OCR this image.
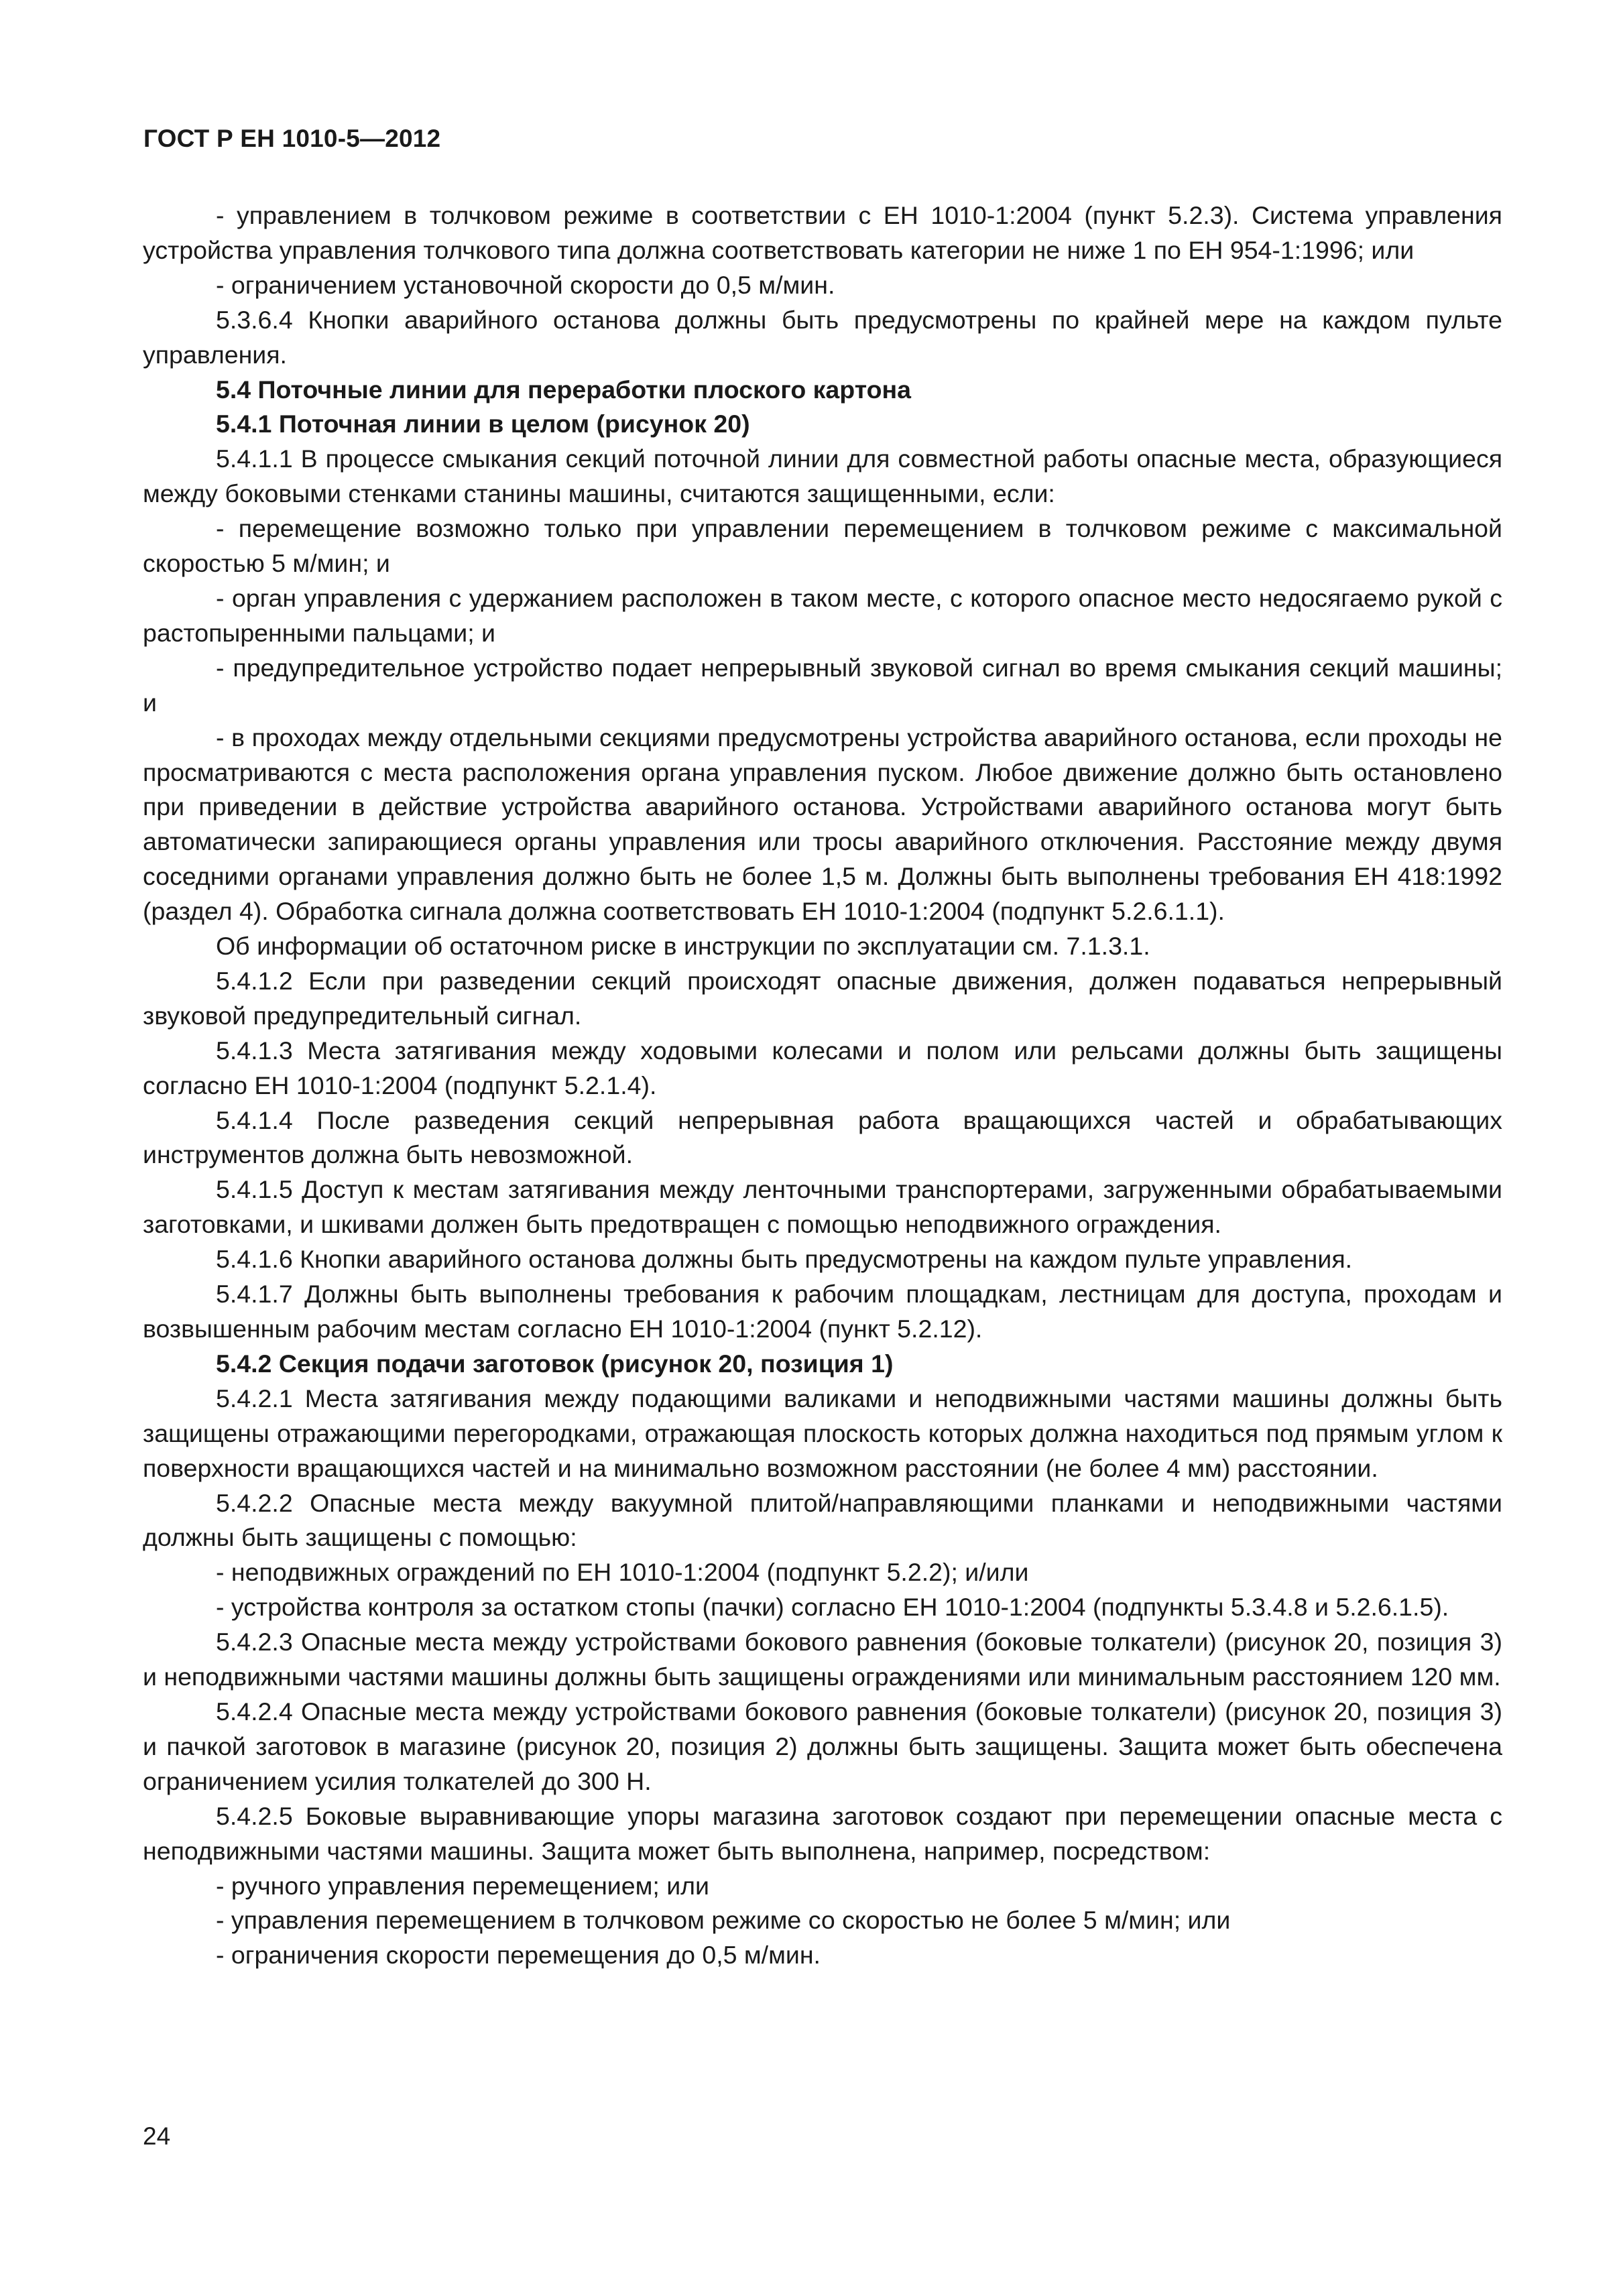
ГОСТ Р ЕН 1010-5—2012

- управлением в толчковом режиме в соответствии с ЕН 1010-1:2004 (пункт 5.2.3). Система управления устройства управления толчкового типа должна соответствовать категории не ниже 1 по ЕН 954-1:1996; или

- ограничением установочной скорости до 0,5 м/мин.

5.3.6.4 Кнопки аварийного останова должны быть предусмотрены по крайней мере на каждом пульте управления.

5.4 Поточные линии для переработки плоского картона

5.4.1 Поточная линии в целом (рисунок 20)

5.4.1.1 В процессе смыкания секций поточной линии для совместной работы опасные места, образующиеся между боковыми стенками станины машины, считаются защищенными, если:

- перемещение возможно только при управлении перемещением в толчковом режиме с максимальной скоростью 5 м/мин; и

- орган управления с удержанием расположен в таком месте, с которого опасное место недосягаемо рукой с растопыренными пальцами; и

- предупредительное устройство подает непрерывный звуковой сигнал во время смыкания секций машины; и

- в проходах между отдельными секциями предусмотрены устройства аварийного останова, если проходы не просматриваются с места расположения органа управления пуском. Любое движение должно быть остановлено при приведении в действие устройства аварийного останова. Устройствами аварийного останова могут быть автоматически запирающиеся органы управления или тросы аварийного отключения. Расстояние между двумя соседними органами управления должно быть не более 1,5 м. Должны быть выполнены требования ЕН 418:1992 (раздел 4). Обработка сигнала должна соответствовать ЕН 1010-1:2004 (подпункт 5.2.6.1.1).

Об информации об остаточном риске в инструкции по эксплуатации см. 7.1.3.1.

5.4.1.2 Если при разведении секций происходят опасные движения, должен подаваться непрерывный звуковой предупредительный сигнал.

5.4.1.3 Места затягивания между ходовыми колесами и полом или рельсами должны быть защищены согласно ЕН 1010-1:2004 (подпункт 5.2.1.4).

5.4.1.4 После разведения секций непрерывная работа вращающихся частей и обрабатывающих инструментов должна быть невозможной.

5.4.1.5 Доступ к местам затягивания между ленточными транспортерами, загруженными обрабатываемыми заготовками, и шкивами должен быть предотвращен с помощью неподвижного ограждения.

5.4.1.6 Кнопки аварийного останова должны быть предусмотрены на каждом пульте управления.

5.4.1.7 Должны быть выполнены требования к рабочим площадкам, лестницам для доступа, проходам и возвышенным рабочим местам согласно ЕН 1010-1:2004 (пункт 5.2.12).

5.4.2 Секция подачи заготовок (рисунок 20, позиция 1)

5.4.2.1 Места затягивания между подающими валиками и неподвижными частями машины должны быть защищены отражающими перегородками, отражающая плоскость которых должна находиться под прямым углом к поверхности вращающихся частей и на минимально возможном расстоянии (не более 4 мм) расстоянии.

5.4.2.2 Опасные места между вакуумной плитой/направляющими планками и неподвижными частями должны быть защищены с помощью:

- неподвижных ограждений по ЕН 1010-1:2004 (подпункт 5.2.2); и/или

- устройства контроля за остатком стопы (пачки) согласно ЕН 1010-1:2004 (подпункты 5.3.4.8 и 5.2.6.1.5).

5.4.2.3 Опасные места между устройствами бокового равнения (боковые толкатели) (рисунок 20, позиция 3) и неподвижными частями машины должны быть защищены ограждениями или минимальным расстоянием 120 мм.

5.4.2.4 Опасные места между устройствами бокового равнения (боковые толкатели) (рисунок 20, позиция 3) и пачкой заготовок в магазине (рисунок 20, позиция 2) должны быть защищены. Защита может быть обеспечена ограничением усилия толкателей до 300 Н.

5.4.2.5 Боковые выравнивающие упоры магазина заготовок создают при перемещении опасные места с неподвижными частями машины. Защита может быть выполнена, например, посредством:

- ручного управления перемещением; или

- управления перемещением в толчковом режиме со скоростью не более 5 м/мин; или

- ограничения скорости перемещения до 0,5 м/мин.

24
